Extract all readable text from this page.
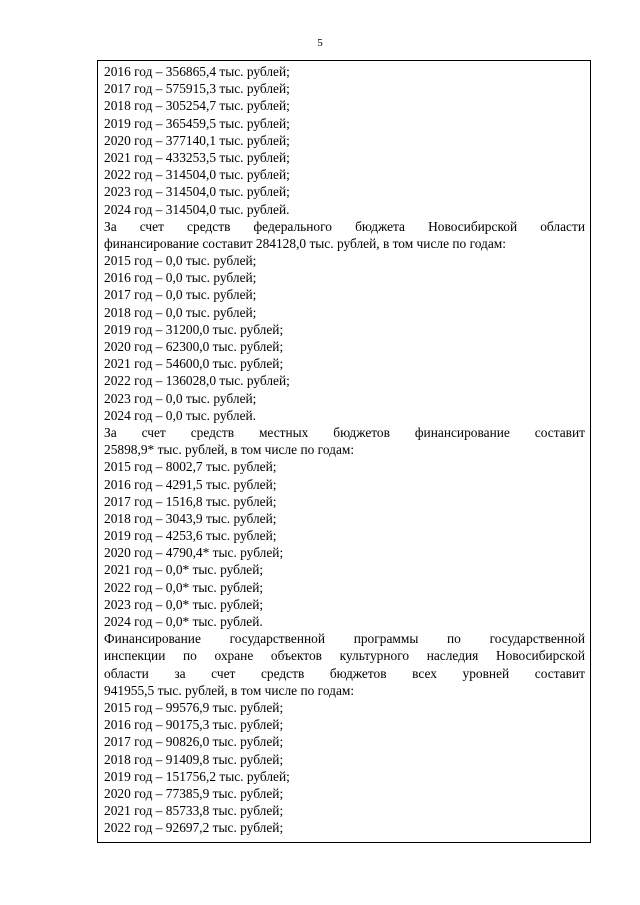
5
2016 год – 356865,4 тыс. рублей;
2017 год – 575915,3 тыс. рублей;
2018 год – 305254,7 тыс. рублей;
2019 год – 365459,5 тыс. рублей;
2020 год – 377140,1 тыс. рублей;
2021 год – 433253,5 тыс. рублей;
2022 год – 314504,0 тыс. рублей;
2023 год – 314504,0 тыс. рублей;
2024 год – 314504,0 тыс. рублей.
За счет средств федерального бюджета Новосибирской области
финансирование составит 284128,0 тыс. рублей, в том числе по годам:
2015 год – 0,0 тыс. рублей;
2016 год – 0,0 тыс. рублей;
2017 год – 0,0 тыс. рублей;
2018 год – 0,0 тыс. рублей;
2019 год – 31200,0 тыс. рублей;
2020 год – 62300,0 тыс. рублей;
2021 год – 54600,0 тыс. рублей;
2022 год – 136028,0 тыс. рублей;
2023 год – 0,0 тыс. рублей;
2024 год – 0,0 тыс. рублей.
За счет средств местных бюджетов финансирование составит
25898,9* тыс. рублей, в том числе по годам:
2015 год – 8002,7 тыс. рублей;
2016 год – 4291,5 тыс. рублей;
2017 год – 1516,8 тыс. рублей;
2018 год – 3043,9 тыс. рублей;
2019 год – 4253,6 тыс. рублей;
2020 год – 4790,4* тыс. рублей;
2021 год – 0,0* тыс. рублей;
2022 год – 0,0* тыс. рублей;
2023 год – 0,0* тыс. рублей;
2024 год – 0,0* тыс. рублей.
Финансирование государственной программы по государственной
инспекции по охране объектов культурного наследия Новосибирской
области за счет средств бюджетов всех уровней составит
941955,5 тыс. рублей, в том числе по годам:
2015 год – 99576,9 тыс. рублей;
2016 год – 90175,3 тыс. рублей;
2017 год – 90826,0 тыс. рублей;
2018 год – 91409,8 тыс. рублей;
2019 год – 151756,2 тыс. рублей;
2020 год – 77385,9 тыс. рублей;
2021 год – 85733,8 тыс. рублей;
2022 год – 92697,2 тыс. рублей;
